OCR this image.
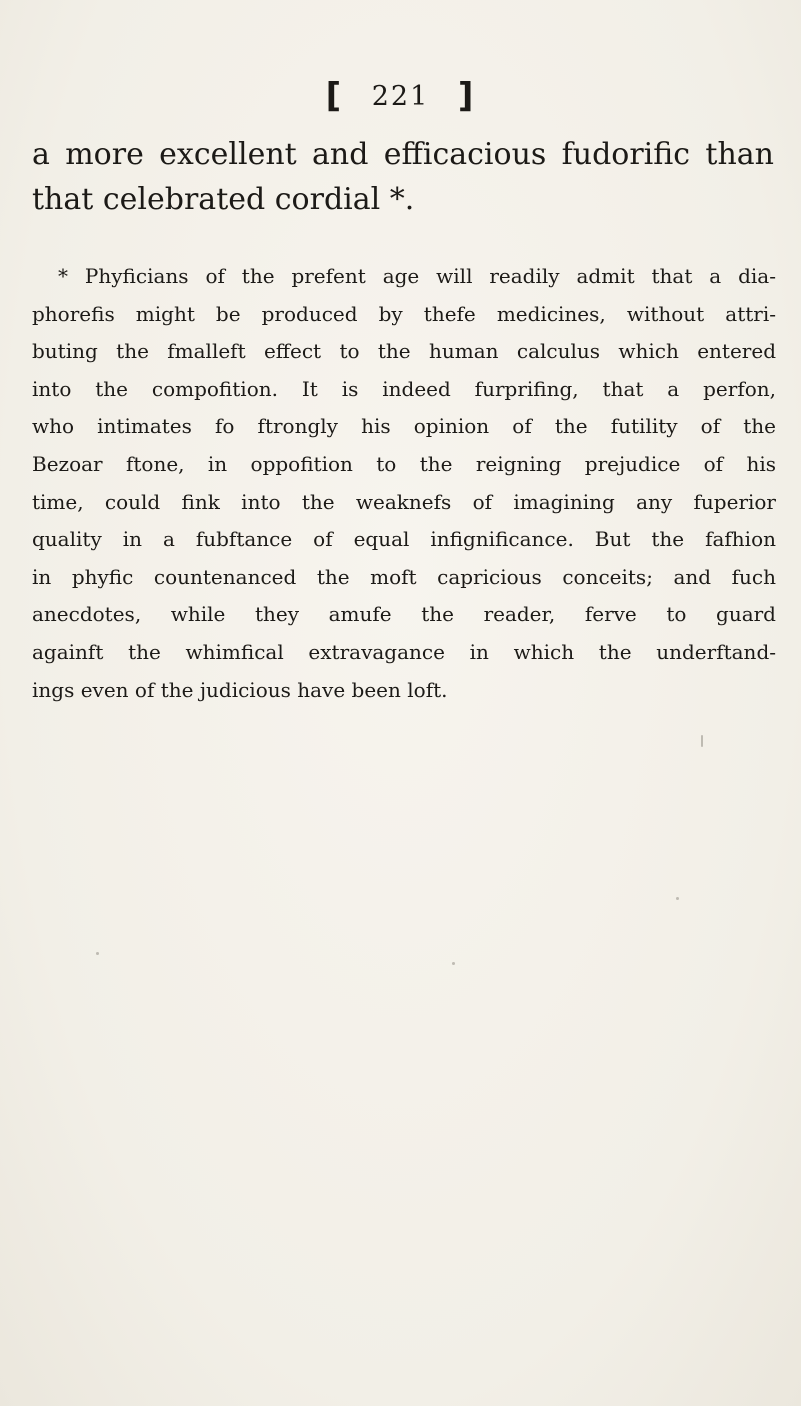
[ 221 ]

a more excellent and efficacious fudorific than
that celebrated cordial *.

* Phyficians of the prefent age will readily admit that a dia-
phorefis might be produced by thefe medicines, without attri-
buting the fmalleft effect to the human calculus which entered
into the compofition. It is indeed furprifing, that a perfon,
who intimates fo ftrongly his opinion of the futility of the
Bezoar ftone, in oppofition to the reigning prejudice of his
time, could fink into the weaknefs of imagining any fuperior
quality in a fubftance of equal infignificance. But the fafhion
in phyfic countenanced the moft capricious conceits; and fuch
anecdotes, while they amufe the reader, ferve to guard
againft the whimfical extravagance in which the underftand-
ings even of the judicious have been loft.
